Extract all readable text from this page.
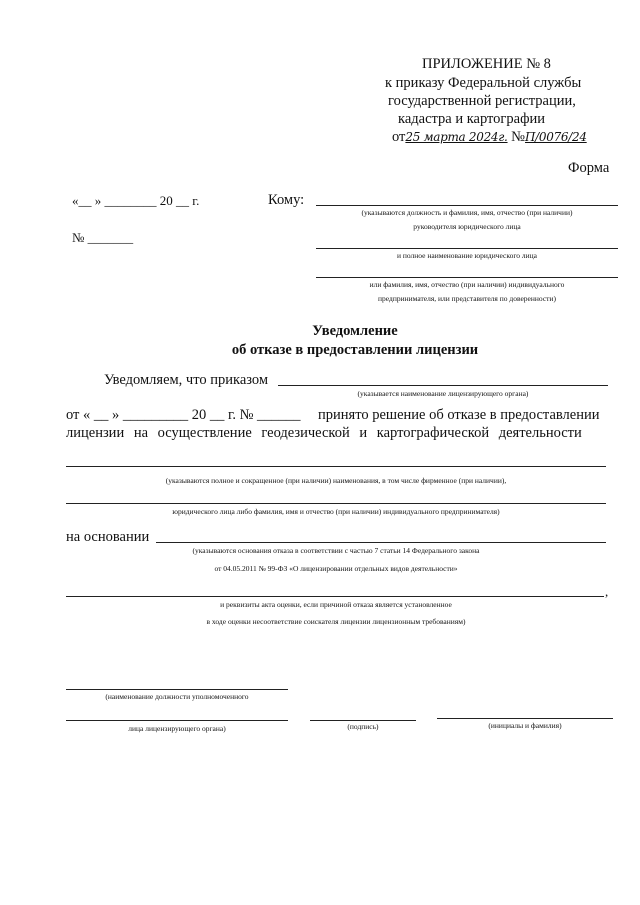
ПРИЛОЖЕНИЕ № 8
к приказу Федеральной службы
государственной регистрации,
кадастра и картографии
от25 марта 2024г. №П/0076/24
Форма
«__ » ________ 20 __ г.
№ _______
Кому:
(указываются должность и фамилия, имя, отчество (при наличии)
руководителя юридического лица
и полное наименование юридического лица
или фамилия, имя, отчество (при наличии) индивидуального
предпринимателя, или представителя по доверенности)
Уведомление
об отказе в предоставлении лицензии
Уведомляем, что приказом
(указывается наименование лицензирующего органа)
от « __ » _________ 20 __ г. № ______ принято решение об отказе в предоставлении
лицензии на осуществление геодезической и картографической деятельности
(указываются полное и сокращенное (при наличии) наименования, в том числе фирменное (при наличии),
юридического лица либо фамилия, имя и отчество (при наличии) индивидуального предпринимателя)
на основании
(указываются основания отказа в соответствии с частью 7 статьи 14 Федерального закона
от 04.05.2011 № 99-ФЗ «О лицензировании отдельных видов деятельности»
,
и реквизиты акта оценки, если причиной отказа является установленное
в ходе оценки несоответствие соискателя лицензии лицензионным требованиям)
(наименование должности уполномоченного
лица лицензирующего органа)	(подпись)	(инициалы и фамилия)
